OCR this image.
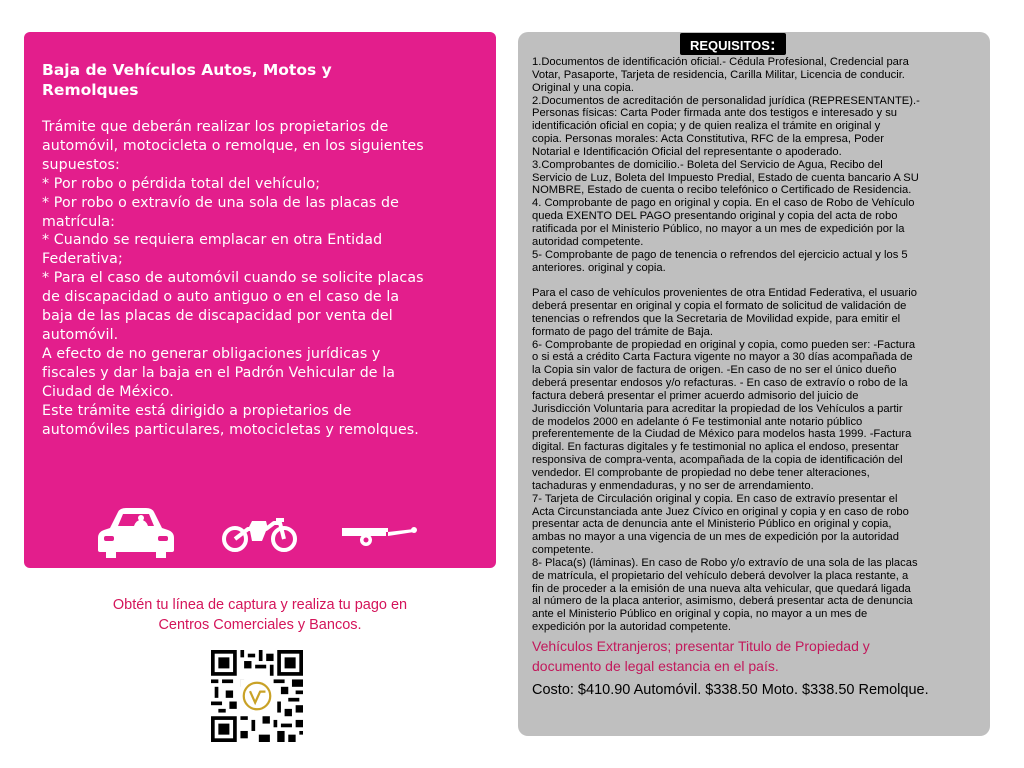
Baja de Vehículos Autos, Motos y Remolques
Trámite que deberán realizar los propietarios de
automóvil, motocicleta o remolque, en los siguientes
supuestos:
* Por robo o pérdida total del vehículo;
* Por robo o extravío de una sola de las placas de
matrícula:
* Cuando se requiera emplacar en otra Entidad
Federativa;
* Para el caso de automóvil cuando se solicite placas
de discapacidad o auto antiguo o en el caso de la
baja de las placas de discapacidad por venta del
automóvil.
A efecto de no generar obligaciones jurídicas y
fiscales y dar la baja en el Padrón Vehicular de la
Ciudad de México.
Este trámite está dirigido a propietarios de
automóviles particulares, motocicletas y remolques.
Obtén tu línea de captura y realiza tu pago en
Centros Comerciales y Bancos.
1.Documentos de identificación oficial.- Cédula Profesional, Credencial para
Votar, Pasaporte, Tarjeta de residencia, Carilla Militar, Licencia de conducir.
Original y una copia.
2.Documentos de acreditación de personalidad jurídica (REPRESENTANTE).-
Personas físicas: Carta Poder firmada ante dos testigos e interesado y su
identificación oficial en copia; y de quien realiza el trámite en original y
copia. Personas morales: Acta Constitutiva, RFC de la empresa, Poder
Notarial e Identificación Oficial del representante o apoderado.
3.Comprobantes de domicilio.- Boleta del Servicio de Agua, Recibo del
Servicio de Luz, Boleta del Impuesto Predial, Estado de cuenta bancario A SU
NOMBRE, Estado de cuenta o recibo telefónico o Certificado de Residencia.
4. Comprobante de pago en original y copia. En el caso de Robo de Vehículo
queda EXENTO DEL PAGO presentando original y copia del acta de robo
ratificada por el Ministerio Público, no mayor a un mes de expedición por la
autoridad competente.
5- Comprobante de pago de tenencia o refrendos del ejercicio actual y los 5
anteriores. original y copia.

Para el caso de vehículos provenientes de otra Entidad Federativa, el usuario
deberá presentar en original y copia el formato de solicitud de validación de
tenencias o refrendos que la Secretaria de Movilidad expide, para emitir el
formato de pago del trámite de Baja.
6- Comprobante de propiedad en original y copia, como pueden ser: -Factura
o si está a crédito Carta Factura vigente no mayor a 30 días acompañada de
la Copia sin valor de factura de origen. -En caso de no ser el único dueño
deberá presentar endosos y/o refacturas. - En caso de extravío o robo de la
factura deberá presentar el primer acuerdo admisorio del juicio de
Jurisdicción Voluntaria para acreditar la propiedad de los Vehículos a partir
de modelos 2000 en adelante ó Fe testimonial ante notario público
preferentemente de la Ciudad de México para modelos hasta 1999. -Factura
digital. En facturas digitales y fe testimonial no aplica el endoso, presentar
responsiva de compra-venta, acompañada de la copia de identificación del
vendedor. El comprobante de propiedad no debe tener alteraciones,
tachaduras y enmendaduras, y no ser de arrendamiento.
7- Tarjeta de Circulación original y copia. En caso de extravío presentar el
Acta Circunstanciada ante Juez Cívico en original y copia y en caso de robo
presentar acta de denuncia ante el Ministerio Público en original y copia,
ambas no mayor a una vigencia de un mes de expedición por la autoridad
competente.
8- Placa(s) (láminas). En caso de Robo y/o extravío de una sola de las placas
de matrícula, el propietario del vehículo deberá devolver la placa restante, a
fin de proceder a la emisión de una nueva alta vehicular, que quedará ligada
al número de la placa anterior, asimismo, deberá presentar acta de denuncia
ante el Ministerio Público en original y copia, no mayor a un mes de
expedición por la autoridad competente.
Vehículos Extranjeros; presentar Titulo de Propiedad y
documento de legal estancia en el país.
Costo: $410.90 Automóvil. $338.50 Moto. $338.50 Remolque.
REQUISITOS:
